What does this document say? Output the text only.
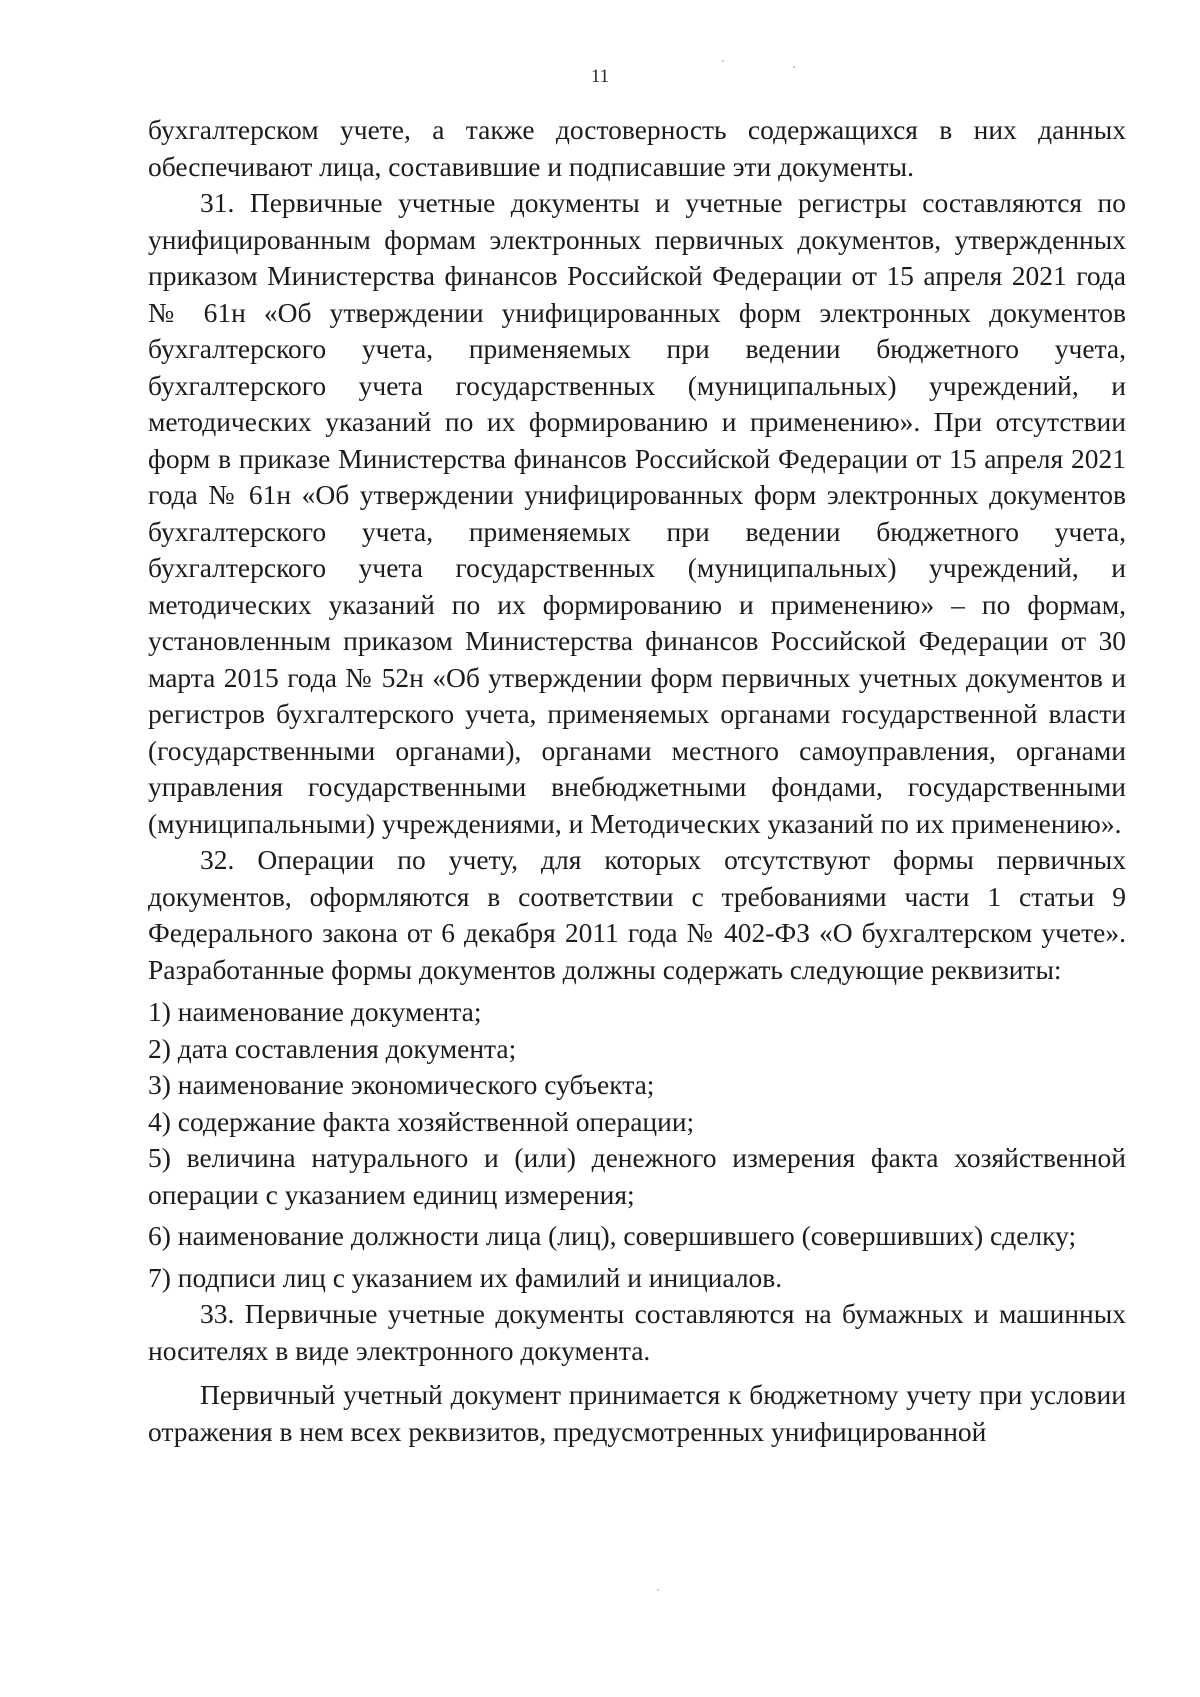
11

бухгалтерском учете, а также достоверность содержащихся в них данных обеспечивают лица, составившие и подписавшие эти документы.

31. Первичные учетные документы и учетные регистры составляются по унифицированным формам электронных первичных документов, утвержденных приказом Министерства финансов Российской Федерации от 15 апреля 2021 года № 61н «Об утверждении унифицированных форм электронных документов бухгалтерского учета, применяемых при ведении бюджетного учета, бухгалтерского учета государственных (муниципальных) учреждений, и методических указаний по их формированию и применению». При отсутствии форм в приказе Министерства финансов Российской Федерации от 15 апреля 2021 года № 61н «Об утверждении унифицированных форм электронных документов бухгалтерского учета, применяемых при ведении бюджетного учета, бухгалтерского учета государственных (муниципальных) учреждений, и методических указаний по их формированию и применению» – по формам, установленным приказом Министерства финансов Российской Федерации от 30 марта 2015 года № 52н «Об утверждении форм первичных учетных документов и регистров бухгалтерского учета, применяемых органами государственной власти (государственными органами), органами местного самоуправления, органами управления государственными внебюджетными фондами, государственными (муниципальными) учреждениями, и Методических указаний по их применению».

32. Операции по учету, для которых отсутствуют формы первичных документов, оформляются в соответствии с требованиями части 1 статьи 9 Федерального закона от 6 декабря 2011 года № 402-ФЗ «О бухгалтерском учете». Разработанные формы документов должны содержать следующие реквизиты:

1) наименование документа;

2) дата составления документа;

3) наименование экономического субъекта;

4) содержание факта хозяйственной операции;

5) величина натурального и (или) денежного измерения факта хозяйственной операции с указанием единиц измерения;

6) наименование должности лица (лиц), совершившего (совершивших) сделку;

7) подписи лиц с указанием их фамилий и инициалов.

33. Первичные учетные документы составляются на бумажных и машинных носителях в виде электронного документа.

Первичный учетный документ принимается к бюджетному учету при условии отражения в нем всех реквизитов, предусмотренных унифицированной
